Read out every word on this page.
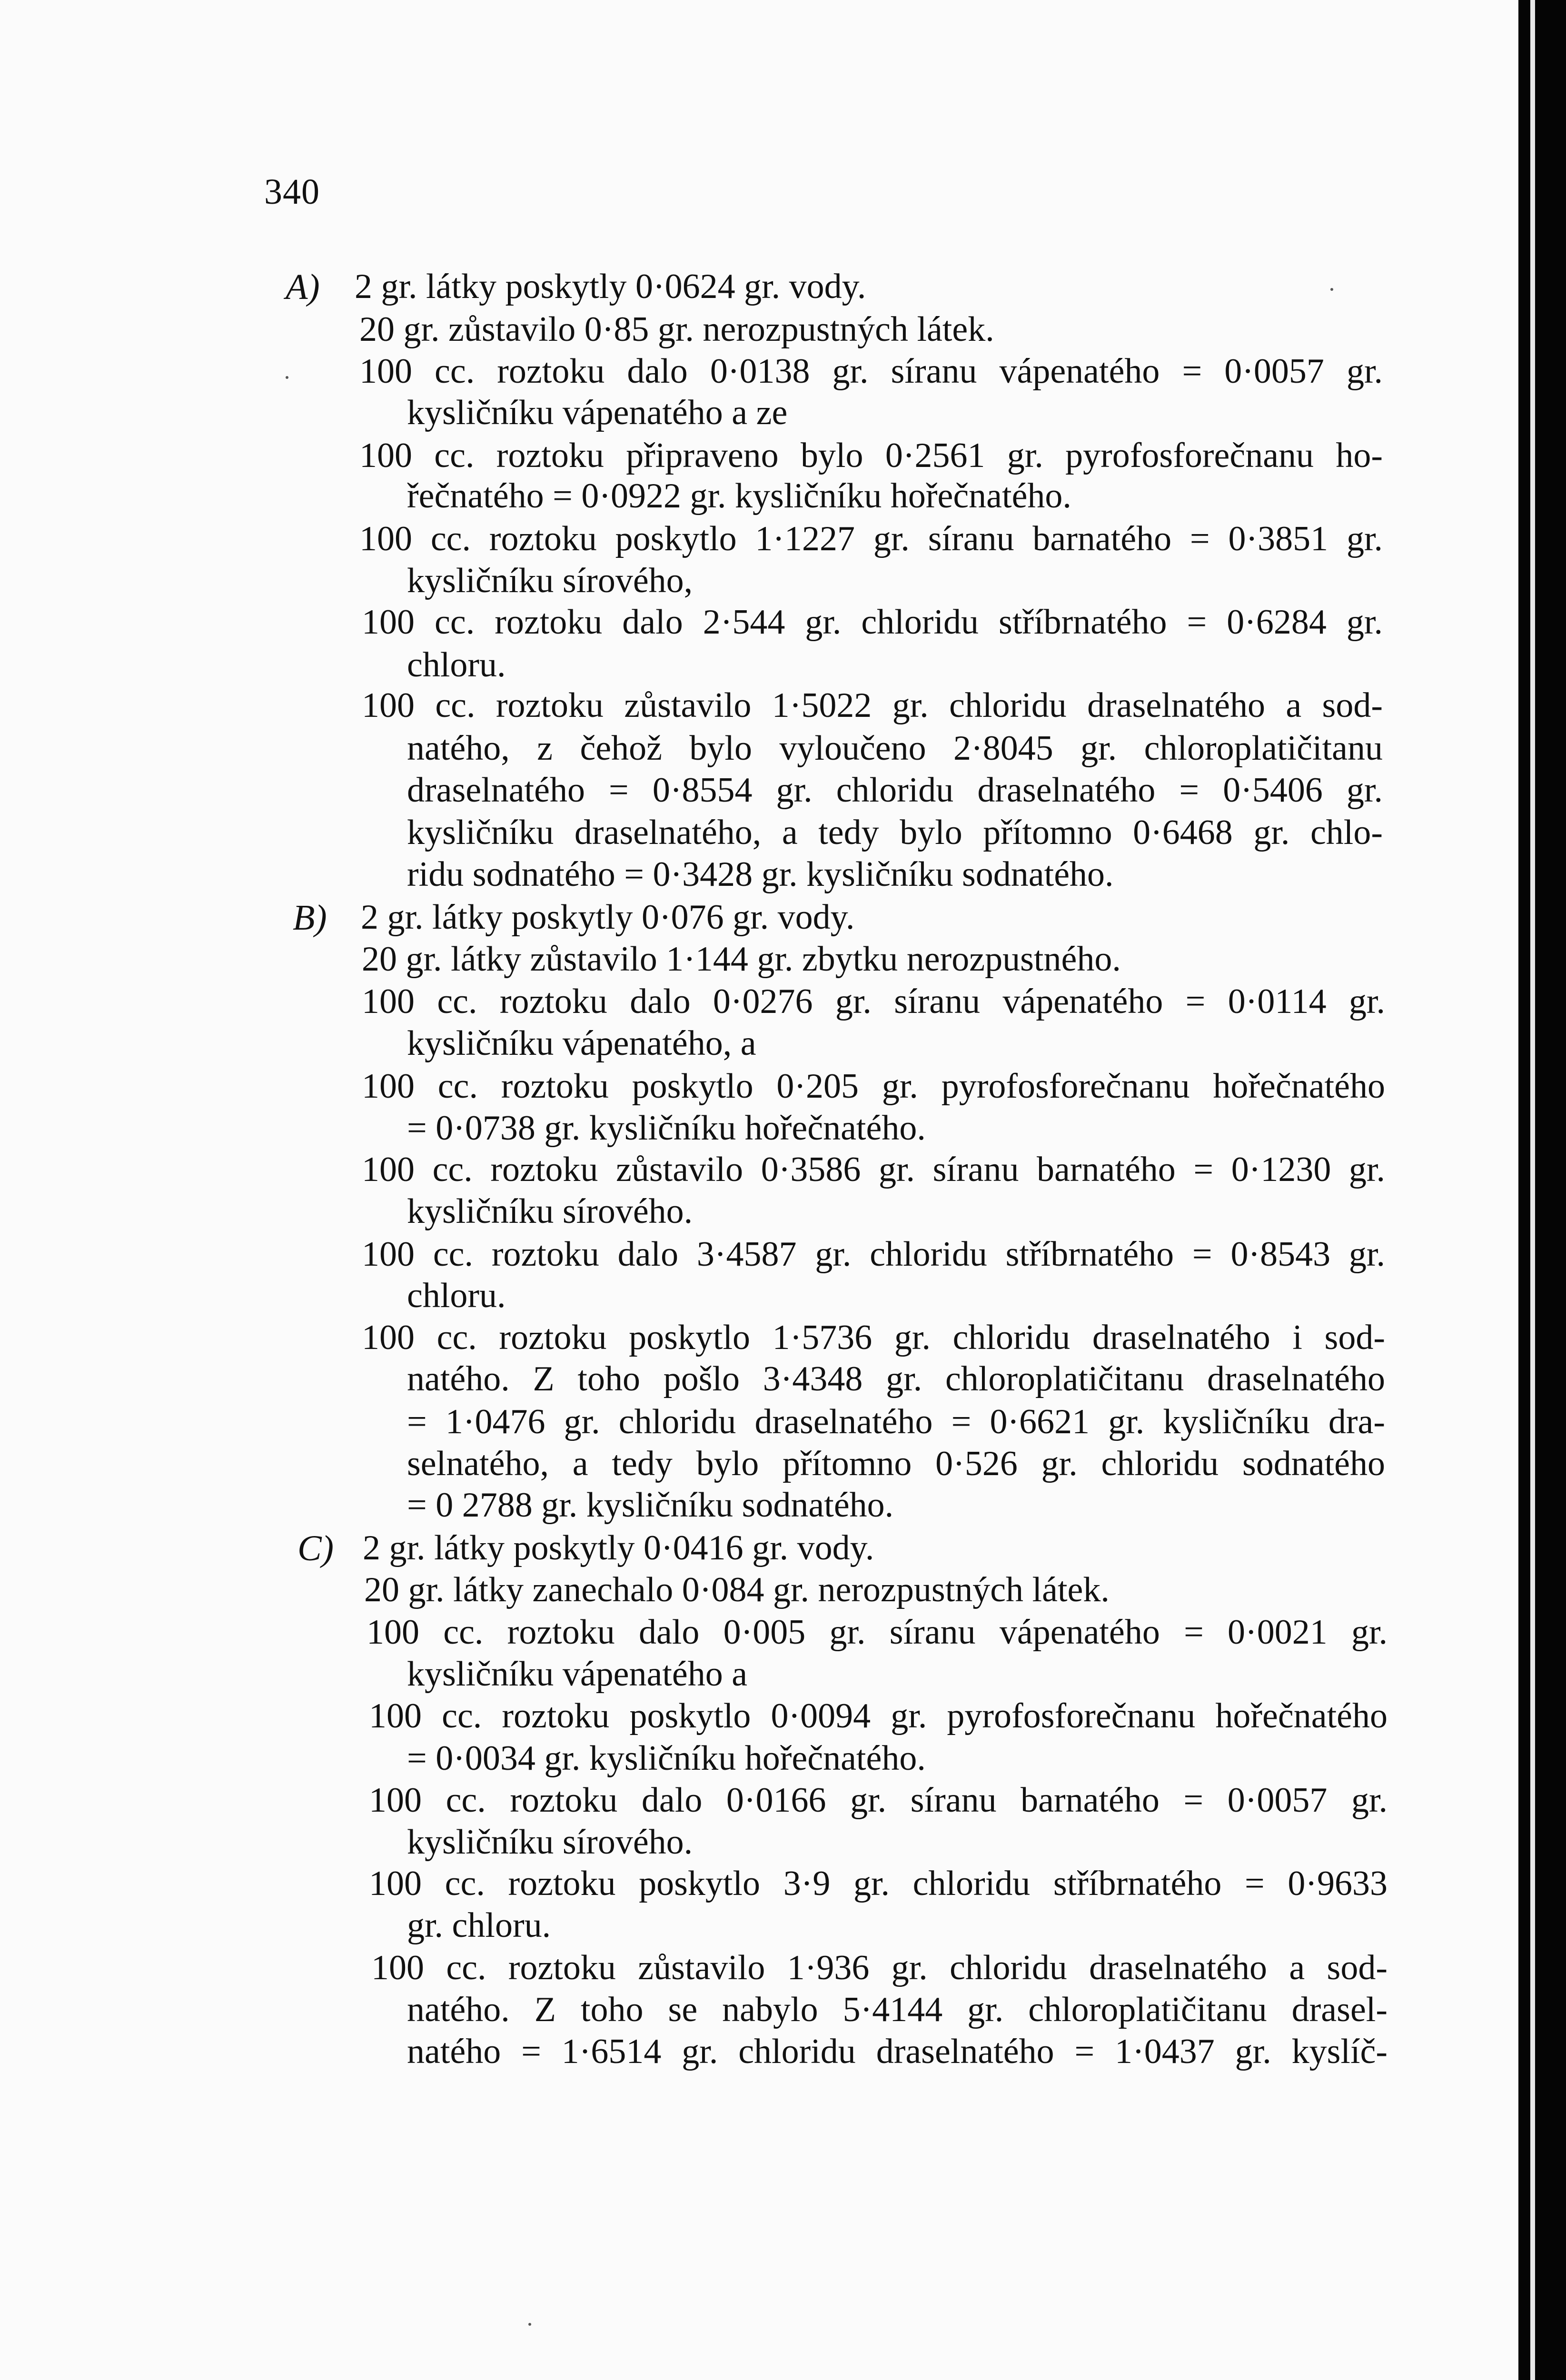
340
A) 2 gr. látky poskytly 0·0624 gr. vody.
20 gr. zůstavilo 0·85 gr. nerozpustných látek.
100 cc. roztoku dalo 0·0138 gr. síranu vápenatého = 0·0057 gr.
kysličníku vápenatého a ze
100 cc. roztoku připraveno bylo 0·2561 gr. pyrofosforečnanu ho-
řečnatého = 0·0922 gr. kysličníku hořečnatého.
100 cc. roztoku poskytlo 1·1227 gr. síranu barnatého = 0·3851 gr.
kysličníku sírového,
100 cc. roztoku dalo 2·544 gr. chloridu stříbrnatého = 0·6284 gr.
chloru.
100 cc. roztoku zůstavilo 1·5022 gr. chloridu draselnatého a sod-
natého, z čehož bylo vyloučeno 2·8045 gr. chloroplatičitanu
draselnatého = 0·8554 gr. chloridu draselnatého = 0·5406 gr.
kysličníku draselnatého, a tedy bylo přítomno 0·6468 gr. chlo-
ridu sodnatého = 0·3428 gr. kysličníku sodnatého.
B) 2 gr. látky poskytly 0·076 gr. vody.
20 gr. látky zůstavilo 1·144 gr. zbytku nerozpustného.
100 cc. roztoku dalo 0·0276 gr. síranu vápenatého = 0·0114 gr.
kysličníku vápenatého, a
100 cc. roztoku poskytlo 0·205 gr. pyrofosforečnanu hořečnatého
= 0·0738 gr. kysličníku hořečnatého.
100 cc. roztoku zůstavilo 0·3586 gr. síranu barnatého = 0·1230 gr.
kysličníku sírového.
100 cc. roztoku dalo 3·4587 gr. chloridu stříbrnatého = 0·8543 gr.
chloru.
100 cc. roztoku poskytlo 1·5736 gr. chloridu draselnatého i sod-
natého. Z toho pošlo 3·4348 gr. chloroplatičitanu draselnatého
= 1·0476 gr. chloridu draselnatého = 0·6621 gr. kysličníku dra-
selnatého, a tedy bylo přítomno 0·526 gr. chloridu sodnatého
= 0 2788 gr. kysličníku sodnatého.
C) 2 gr. látky poskytly 0·0416 gr. vody.
20 gr. látky zanechalo 0·084 gr. nerozpustných látek.
100 cc. roztoku dalo 0·005 gr. síranu vápenatého = 0·0021 gr.
kysličníku vápenatého a
100 cc. roztoku poskytlo 0·0094 gr. pyrofosforečnanu hořečnatého
= 0·0034 gr. kysličníku hořečnatého.
100 cc. roztoku dalo 0·0166 gr. síranu barnatého = 0·0057 gr.
kysličníku sírového.
100 cc. roztoku poskytlo 3·9 gr. chloridu stříbrnatého = 0·9633
gr. chloru.
100 cc. roztoku zůstavilo 1·936 gr. chloridu draselnatého a sod-
natého. Z toho se nabylo 5·4144 gr. chloroplatičitanu drasel-
natého = 1·6514 gr. chloridu draselnatého = 1·0437 gr. kyslíč-
